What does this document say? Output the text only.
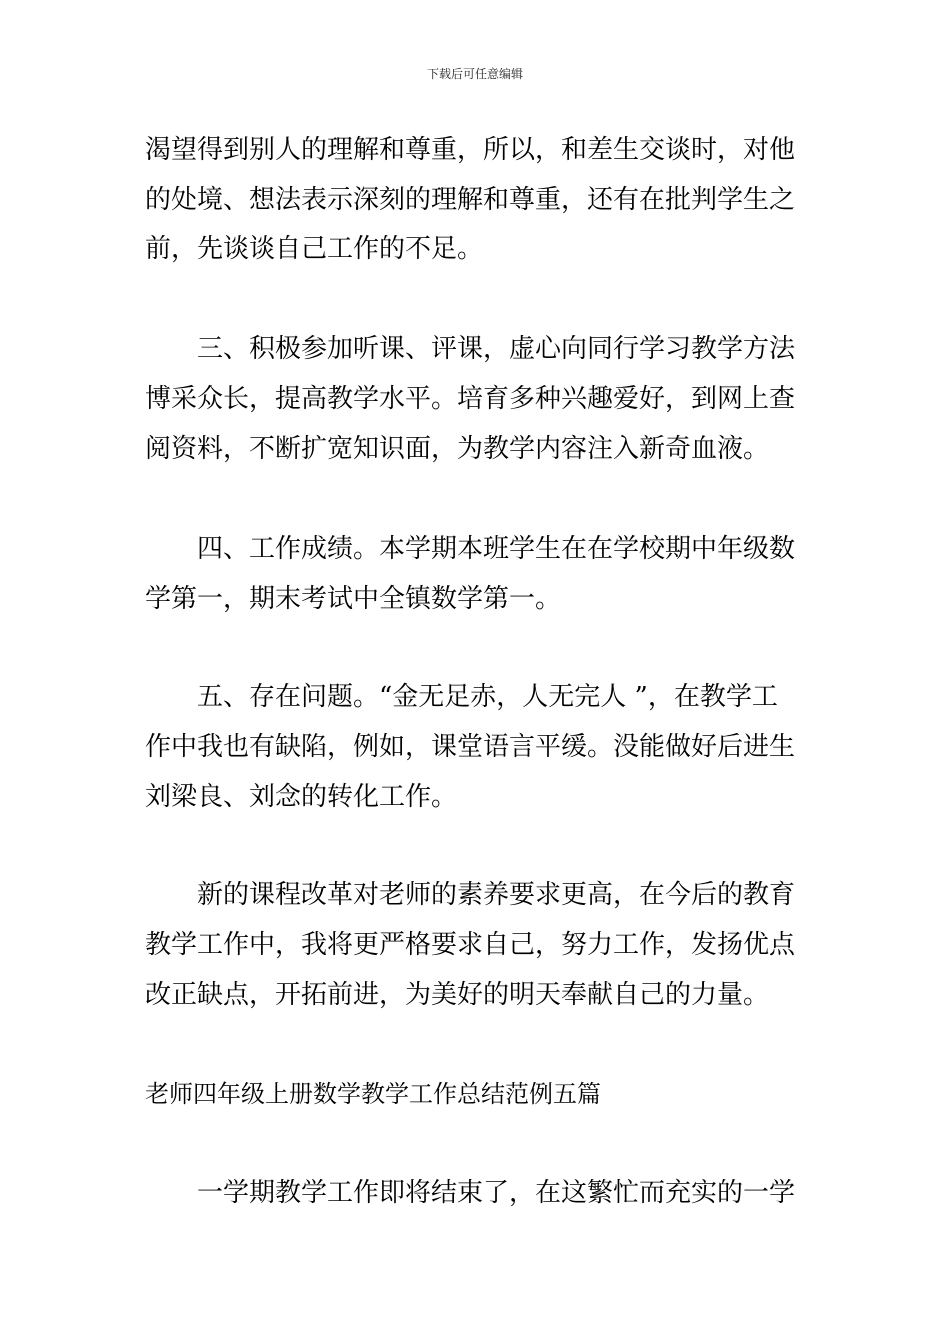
下载后可任意编辑
渴望得到别人的理解和尊重，所以，和差生交谈时，对他
的处境、想法表示深刻的理解和尊重，还有在批判学生之
前，先谈谈自己工作的不足。
三、积极参加听课、评课，虚心向同行学习教学方法
博采众长，提高教学水平。培育多种兴趣爱好，到网上查
阅资料，不断扩宽知识面，为教学内容注入新奇血液。
四、工作成绩。本学期本班学生在在学校期中年级数
学第一，期末考试中全镇数学第一。
五、存在问题。“金无足赤，人无完人 ”，在教学工
作中我也有缺陷，例如，课堂语言平缓。没能做好后进生
刘梁良、刘念的转化工作。
新的课程改革对老师的素养要求更高，在今后的教育
教学工作中，我将更严格要求自己，努力工作，发扬优点
改正缺点，开拓前进，为美好的明天奉献自己的力量。
老师四年级上册数学教学工作总结范例五篇
一学期教学工作即将结束了，在这繁忙而充实的一学
